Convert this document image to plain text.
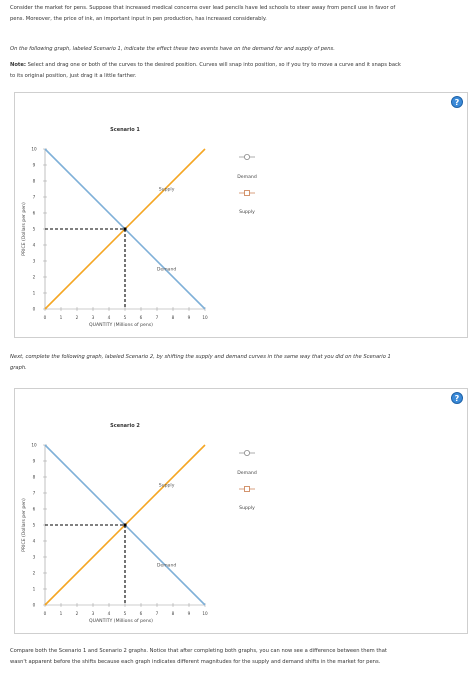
Consider the market for pens. Suppose that increased medical concerns over lead pencils have led schools to steer away from pencil use in favor of
pens. Moreover, the price of ink, an important input in pen production, has increased considerably.
On the following graph, labeled Scenario 1, indicate the effect these two events have on the demand for and supply of pens.
Note: Select and drag one or both of the curves to the desired position. Curves will snap into position, so if you try to move a curve and it snaps back
to its original position, just drag it a little farther.
?
Scenario 1
0
1
2
3
4
5
6
7
8
9
10
0	1	2	3	4	5	6	7	8	9	10
QUANTITY (Millions of pens)
PRICE (Dollars per pen)
Supply
Demand
Demand
Supply
Next, complete the following graph, labeled Scenario 2, by shifting the supply and demand curves in the same way that you did on the Scenario 1
graph.
?
Scenario 2
0
1
2
3
4
5
6
7
8
9
10
0	1	2	3	4	5	6	7	8	9	10
QUANTITY (Millions of pens)
PRICE (Dollars per pen)
Supply
Demand
Demand
Supply
Compare both the Scenario 1 and Scenario 2 graphs. Notice that after completing both graphs, you can now see a difference between them that
wasn't apparent before the shifts because each graph indicates different magnitudes for the supply and demand shifts in the market for pens.
